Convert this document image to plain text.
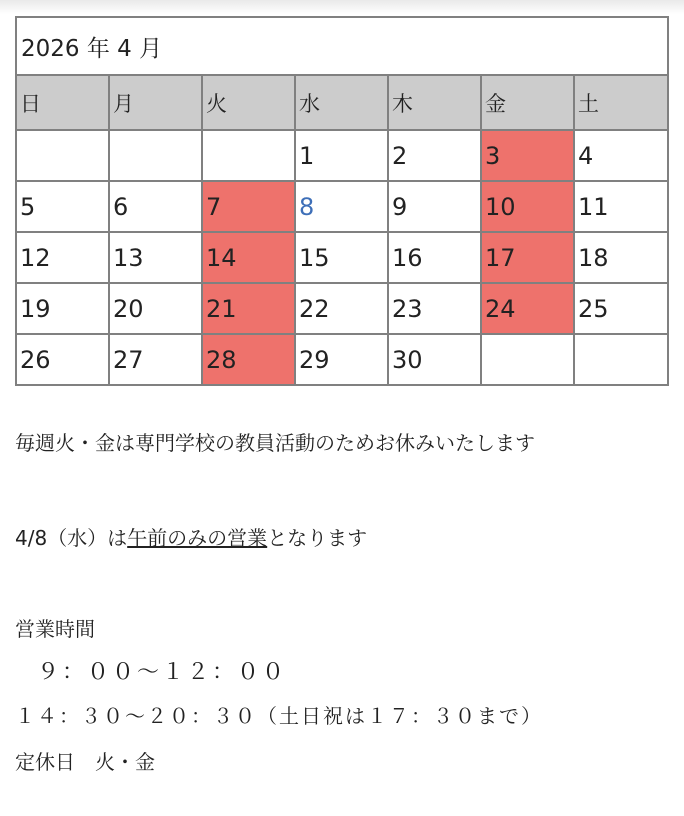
2026 年 4 月						
日	月	火	水	木	金	土
			1	2	3	4
5	6	7	8	9	10	11
12	13	14	15	16	17	18
19	20	21	22	23	24	25
26	27	28	29	30		
毎週火・金は専門学校の教員活動のためお休みいたします
4/8（水）は午前のみの営業となります
営業時間
９：００～１２：００
１４：３０～２０：３０（土日祝は１７：３０まで）
定休日　火・金
